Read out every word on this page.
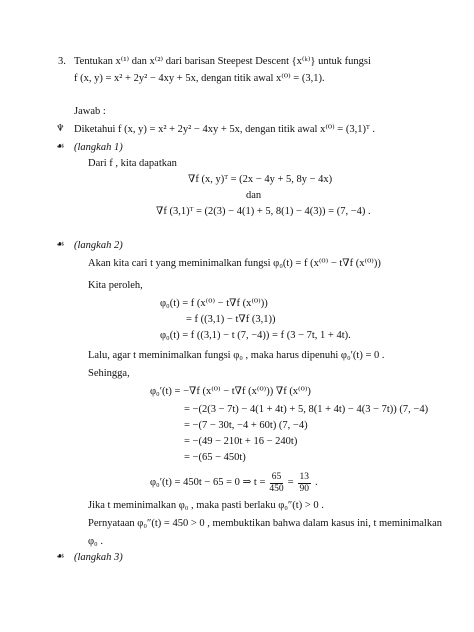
3. Tentukan x⁽¹⁾ dan x⁽²⁾ dari barisan Steepest Descent {x⁽ᵏ⁾} untuk fungsi
f (x, y) = x² + 2y² − 4xy + 5x, dengan titik awal x⁽⁰⁾ = (3,1).
Jawab :
♆ Diketahui f (x, y) = x² + 2y² − 4xy + 5x, dengan titik awal x⁽⁰⁾ = (3,1)ᵀ .
☙ (langkah 1)
Dari f , kita dapatkan
∇f (x, y)ᵀ = (2x − 4y + 5, 8y − 4x)
dan
∇f (3,1)ᵀ = (2(3) − 4(1) + 5, 8(1) − 4(3)) = (7, −4) .
☙ (langkah 2)
Akan kita cari t yang meminimalkan fungsi φ₀(t) = f (x⁽⁰⁾ − t∇f (x⁽⁰⁾))
Kita peroleh,
φ₀(t) = f (x⁽⁰⁾ − t∇f (x⁽⁰⁾))
= f ((3,1) − t∇f (3,1))
φ₀(t) = f ((3,1) − t (7, −4)) = f (3 − 7t, 1 + 4t).
Lalu, agar t meminimalkan fungsi φ₀ , maka harus dipenuhi φ₀′(t) = 0 .
Sehingga,
φ₀′(t) = −∇f (x⁽⁰⁾ − t∇f (x⁽⁰⁾)) ∇f (x⁽⁰⁾)
= −(2(3 − 7t) − 4(1 + 4t) + 5, 8(1 + 4t) − 4(3 − 7t)) (7, −4)
= −(7 − 30t, −4 + 60t) (7, −4)
= −(49 − 210t + 16 − 240t)
= −(65 − 450t)
φ₀′(t) = 450t − 65 = 0 ⇒ $t = \frac{65}{450} = \frac{13}{90}$ .
Jika t meminimalkan φ₀ , maka pasti berlaku φ₀″(t) > 0 .
Pernyataan φ₀″(t) = 450 > 0 , membuktikan bahwa dalam kasus ini, t meminimalkan
φ₀ .
☙ (langkah 3)
